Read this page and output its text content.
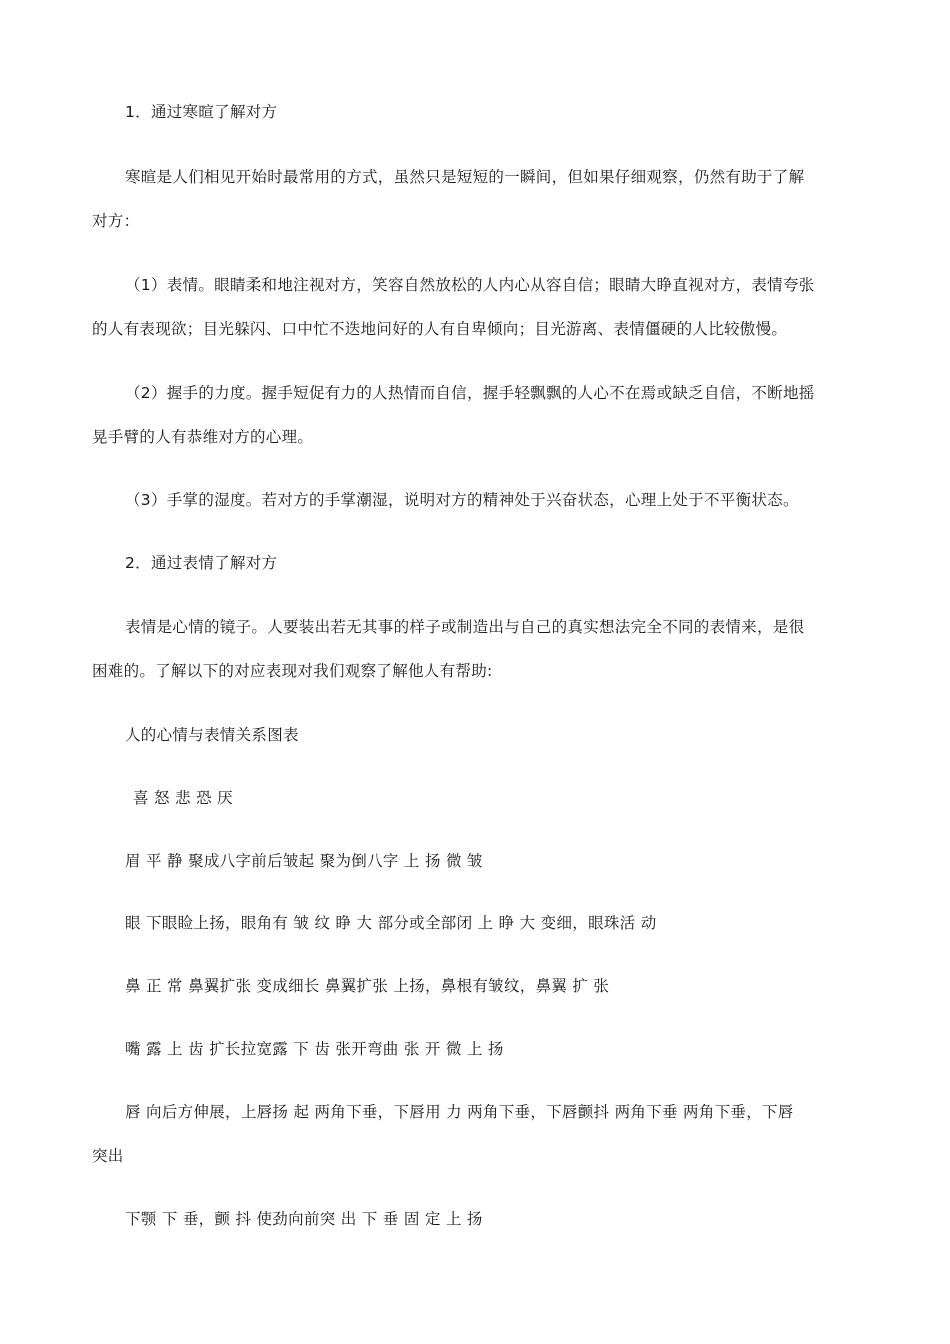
1．通过寒暄了解对方

寒暄是人们相见开始时最常用的方式，虽然只是短短的一瞬间，但如果仔细观察，仍然有助于了解

对方：

（1）表情。眼睛柔和地注视对方，笑容自然放松的人内心从容自信；眼睛大睁直视对方，表情夸张

的人有表现欲；目光躲闪、口中忙不迭地问好的人有自卑倾向；目光游离、表情僵硬的人比较傲慢。

（2）握手的力度。握手短促有力的人热情而自信，握手轻飘飘的人心不在焉或缺乏自信，不断地摇

晃手臂的人有恭维对方的心理。

（3）手掌的湿度。若对方的手掌潮湿，说明对方的精神处于兴奋状态，心理上处于不平衡状态。

2．通过表情了解对方

表情是心情的镜子。人要装出若无其事的样子或制造出与自己的真实想法完全不同的表情来，是很

困难的。了解以下的对应表现对我们观察了解他人有帮助:

人的心情与表情关系图表

喜 怒 悲 恐 厌

眉 平 静 聚成八字前后皱起 聚为倒八字 上 扬 微 皱

眼 下眼睑上扬，眼角有 皱 纹 睁 大 部分或全部闭 上 睁 大 变细，眼珠活 动

鼻 正 常 鼻翼扩张 变成细长 鼻翼扩张 上扬，鼻根有皱纹，鼻翼 扩 张

嘴 露 上 齿 扩长拉宽露 下 齿 张开弯曲 张 开 微 上 扬

唇 向后方伸展，上唇扬 起 两角下垂，下唇用 力 两角下垂，下唇颤抖 两角下垂 两角下垂，下唇

突出

下颚 下 垂，颤 抖 使劲向前突 出 下 垂 固 定 上 扬
